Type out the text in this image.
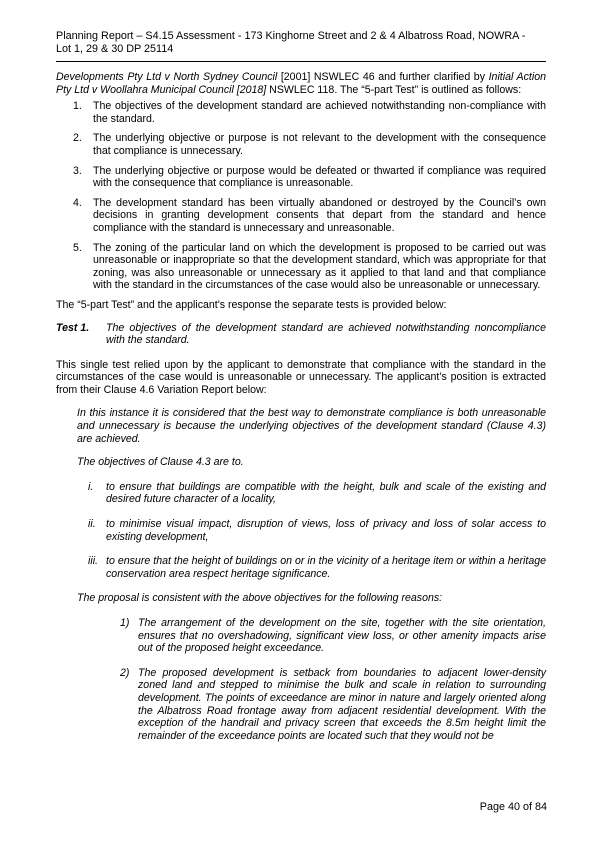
Planning Report – S4.15 Assessment - 173 Kinghorne Street and 2 & 4 Albatross Road, NOWRA -
Lot 1, 29 & 30 DP 25114

Developments Pty Ltd v North Sydney Council [2001] NSWLEC 46 and further clarified by Initial Action Pty Ltd v Woollahra Municipal Council [2018] NSWLEC 118. The “5-part Test” is outlined as follows:

1. The objectives of the development standard are achieved notwithstanding non-compliance with the standard.
2. The underlying objective or purpose is not relevant to the development with the consequence that compliance is unnecessary.
3. The underlying objective or purpose would be defeated or thwarted if compliance was required with the consequence that compliance is unreasonable.
4. The development standard has been virtually abandoned or destroyed by the Council’s own decisions in granting development consents that depart from the standard and hence compliance with the standard is unnecessary and unreasonable.
5. The zoning of the particular land on which the development is proposed to be carried out was unreasonable or inappropriate so that the development standard, which was appropriate for that zoning, was also unreasonable or unnecessary as it applied to that land and that compliance with the standard in the circumstances of the case would also be unreasonable or unnecessary.

The “5-part Test” and the applicant's response the separate tests is provided below:

Test 1. The objectives of the development standard are achieved notwithstanding noncompliance with the standard.

This single test relied upon by the applicant to demonstrate that compliance with the standard in the circumstances of the case would is unreasonable or unnecessary. The applicant’s position is extracted from their Clause 4.6 Variation Report below:

In this instance it is considered that the best way to demonstrate compliance is both unreasonable and unnecessary is because the underlying objectives of the development standard (Clause 4.3) are achieved.

The objectives of Clause 4.3 are to.

i. to ensure that buildings are compatible with the height, bulk and scale of the existing and desired future character of a locality,
ii. to minimise visual impact, disruption of views, loss of privacy and loss of solar access to existing development,
iii. to ensure that the height of buildings on or in the vicinity of a heritage item or within a heritage conservation area respect heritage significance.

The proposal is consistent with the above objectives for the following reasons:

1) The arrangement of the development on the site, together with the site orientation, ensures that no overshadowing, significant view loss, or other amenity impacts arise out of the proposed height exceedance.
2) The proposed development is setback from boundaries to adjacent lower-density zoned land and stepped to minimise the bulk and scale in relation to surrounding development. The points of exceedance are minor in nature and largely oriented along the Albatross Road frontage away from adjacent residential development. With the exception of the handrail and privacy screen that exceeds the 8.5m height limit the remainder of the exceedance points are located such that they would not be
Page 40 of 84
